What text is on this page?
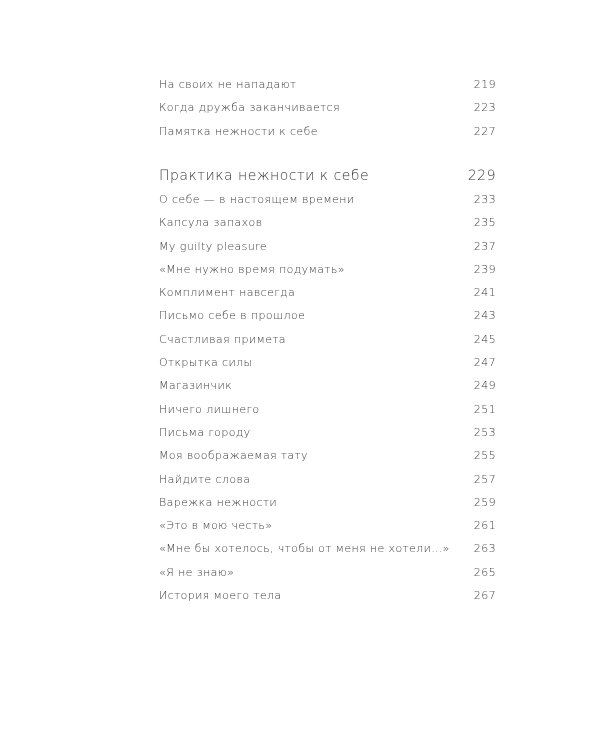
На своих не нападают	219
Когда дружба заканчивается	223
Памятка нежности к себе	227
Практика нежности к себе	229
О себе — в настоящем времени	233
Капсула запахов	235
My guilty pleasure	237
«Мне нужно время подумать»	239
Комплимент навсегда	241
Письмо себе в прошлое	243
Счастливая примета	245
Открытка силы	247
Магазинчик	249
Ничего лишнего	251
Письма городу	253
Моя воображаемая тату	255
Найдите слова	257
Варежка нежности	259
«Это в мою честь»	261
«Мне бы хотелось, чтобы от меня не хотели…» 263
«Я не знаю»	265
История моего тела	267
